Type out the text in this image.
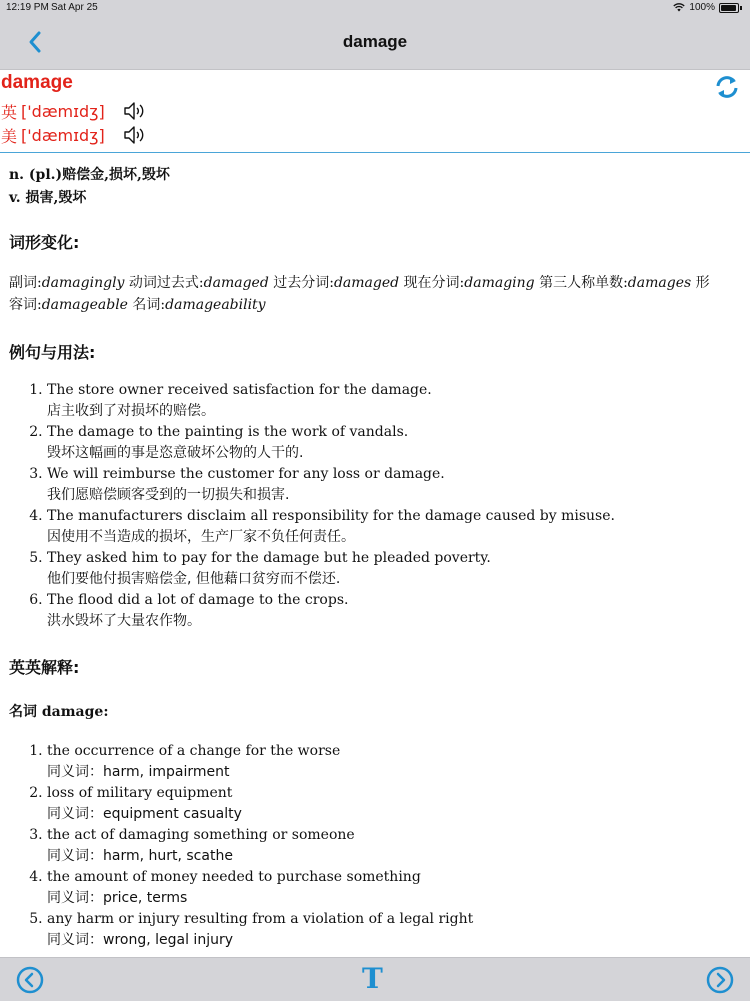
12:19 PM Sat Apr 25	100%
damage
damage
英 ['dæmɪdʒ]
美 ['dæmɪdʒ]
n. (pl.)赔偿金,损坏,毁坏
v. 损害,毁坏
词形变化:
副词:damagingly 动词过去式:damaged 过去分词:damaged 现在分词:damaging 第三人称单数:damages 形容词:damageable 名词:damageability
例句与用法:
1. The store owner received satisfaction for the damage.
店主收到了对损坏的赔偿。
2. The damage to the painting is the work of vandals.
毁坏这幅画的事是恣意破坏公物的人干的.
3. We will reimburse the customer for any loss or damage.
我们愿赔偿顾客受到的一切损失和损害.
4. The manufacturers disclaim all responsibility for the damage caused by misuse.
因使用不当造成的损坏，生产厂家不负任何责任。
5. They asked him to pay for the damage but he pleaded poverty.
他们要他付损害赔偿金, 但他藉口贫穷而不偿还.
6. The flood did a lot of damage to the crops.
洪水毁坏了大量农作物。
英英解释:
名词 damage:
1. the occurrence of a change for the worse
同义词：harm, impairment
2. loss of military equipment
同义词：equipment casualty
3. the act of damaging something or someone
同义词：harm, hurt, scathe
4. the amount of money needed to purchase something
同义词：price, terms
5. any harm or injury resulting from a violation of a legal right
同义词：wrong, legal injury
T
